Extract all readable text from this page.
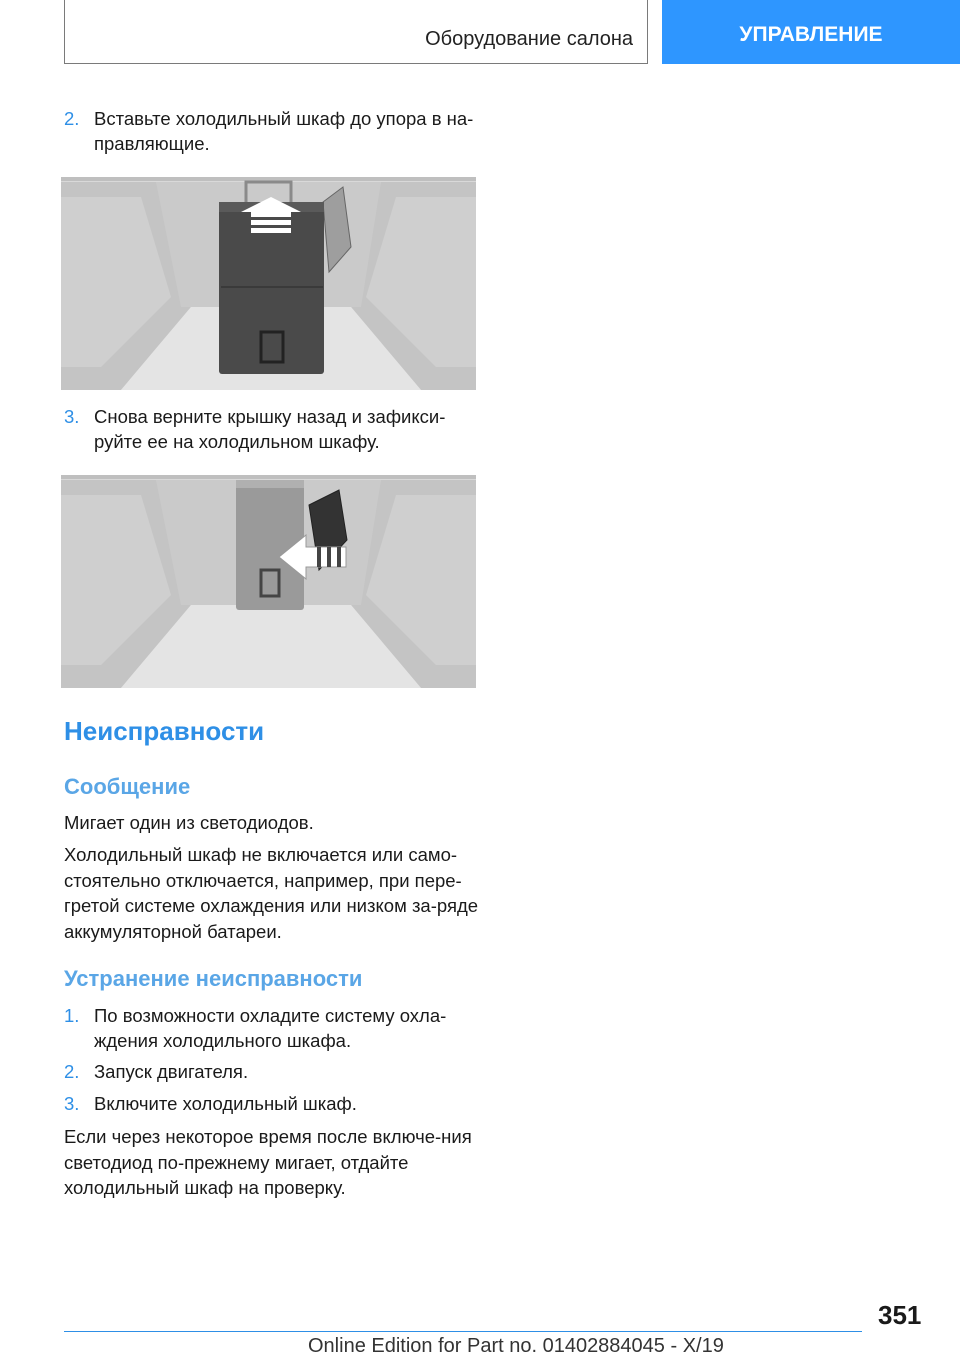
Оборудование салона	УПРАВЛЕНИЕ
2. Вставьте холодильный шкаф до упора в на‐правляющие.
3. Снова верните крышку назад и зафикси‐руйте ее на холодильном шкафу.
Неисправности
Сообщение
Мигает один из светодиодов.
Холодильный шкаф не включается или само‐стоятельно отключается, например, при пере‐гретой системе охлаждения или низком за‐ряде аккумуляторной батареи.
Устранение неисправности
1. По возможности охладите систему охла‐ждения холодильного шкафа.
2. Запуск двигателя.
3. Включите холодильный шкаф.
Если через некоторое время после включе‐ния светодиод по-прежнему мигает, отдайте холодильный шкаф на проверку.
351
Online Edition for Part no. 01402884045 - X/19
